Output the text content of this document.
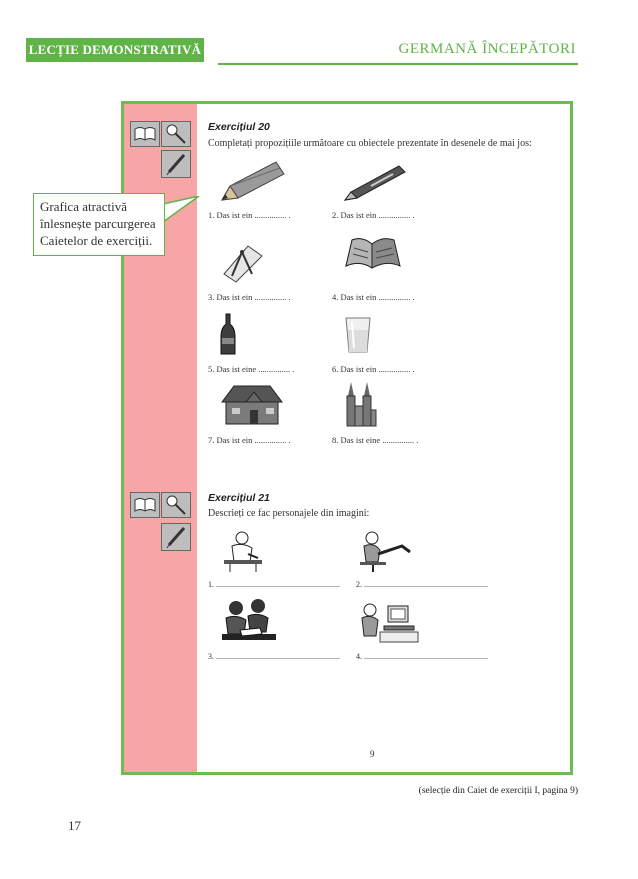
LECȚIE DEMONSTRATIVĂ	GERMANĂ ÎNCEPĂTORI
Grafica atractivă înlesnește parcurgerea Caietelor de exerciții.
Exercițiul 20
Completați propozițiile următoare cu obiectele prezentate în desenele de mai jos:
1. Das ist ein ............... .	2. Das ist ein ............... .
3. Das ist ein ............... .	4. Das ist ein ............... .
5. Das ist eine ............... .	6. Das ist ein ............... .
7. Das ist ein ............... .	8. Das ist eine ............... .
Exercițiul 21
Descrieți ce fac personajele din imagini:
1. .............................................................. 2. ..............................................................
3. .............................................................. 4. ..............................................................
9
(selecție din Caiet de exerciții I, pagina 9)
17
